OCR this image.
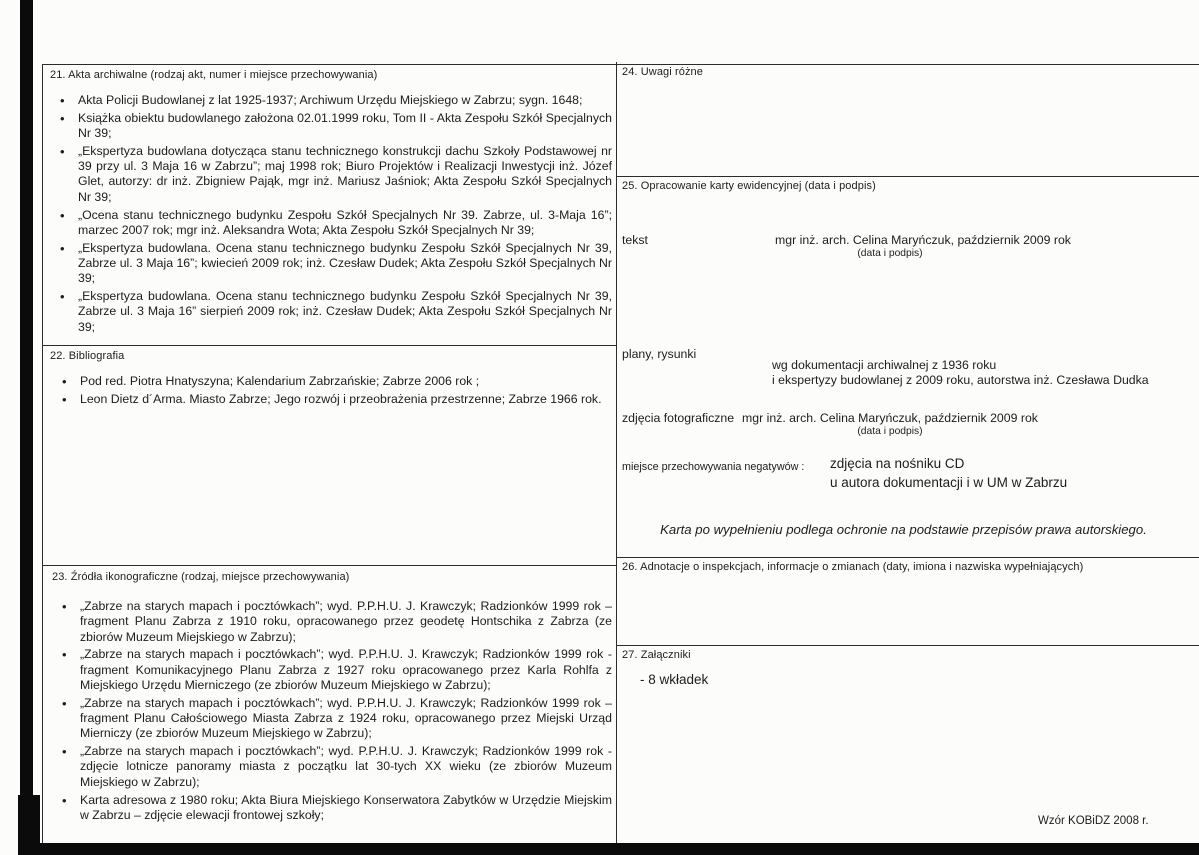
21. Akta archiwalne (rodzaj akt, numer i miejsce przechowywania)
• Akta Policji Budowlanej z lat 1925-1937; Archiwum Urzędu Miejskiego w Zabrzu; sygn. 1648;
• Książka obiektu budowlanego założona 02.01.1999 roku, Tom II - Akta Zespołu Szkół Specjalnych Nr 39;
• „Ekspertyza budowlana dotycząca stanu technicznego konstrukcji dachu Szkoły Podstawowej nr 39 przy ul. 3 Maja 16 w Zabrzu”; maj 1998 rok; Biuro Projektów i Realizacji Inwestycji inż. Józef Glet, autorzy: dr inż. Zbigniew Pająk, mgr inż. Mariusz Jaśniok; Akta Zespołu Szkół Specjalnych Nr 39;
• „Ocena stanu technicznego budynku Zespołu Szkół Specjalnych Nr 39. Zabrze, ul. 3-Maja 16”; marzec 2007 rok; mgr inż. Aleksandra Wota; Akta Zespołu Szkół Specjalnych Nr 39;
• „Ekspertyza budowlana. Ocena stanu technicznego budynku Zespołu Szkół Specjalnych Nr 39, Zabrze ul. 3 Maja 16”; kwiecień 2009 rok; inż. Czesław Dudek; Akta Zespołu Szkół Specjalnych Nr 39;
• „Ekspertyza budowlana. Ocena stanu technicznego budynku Zespołu Szkół Specjalnych Nr 39, Zabrze ul. 3 Maja 16” sierpień 2009 rok; inż. Czesław Dudek; Akta Zespołu Szkół Specjalnych Nr 39;
22. Bibliografia
• Pod red. Piotra Hnatyszyna; Kalendarium Zabrzańskie; Zabrze 2006 rok ;
• Leon Dietz d´Arma. Miasto Zabrze; Jego rozwój i przeobrażenia przestrzenne; Zabrze 1966 rok.
23. Źródła ikonograficzne (rodzaj, miejsce przechowywania)
• „Zabrze na starych mapach i pocztówkach”; wyd. P.P.H.U. J. Krawczyk; Radzionków 1999 rok – fragment Planu Zabrza z 1910 roku, opracowanego przez geodetę Hontschika z Zabrza (ze zbiorów Muzeum Miejskiego w Zabrzu);
• „Zabrze na starych mapach i pocztówkach”; wyd. P.P.H.U. J. Krawczyk; Radzionków 1999 rok - fragment Komunikacyjnego Planu Zabrza z 1927 roku opracowanego przez Karla Rohlfa z Miejskiego Urzędu Mierniczego (ze zbiorów Muzeum Miejskiego w Zabrzu);
• „Zabrze na starych mapach i pocztówkach”; wyd. P.P.H.U. J. Krawczyk; Radzionków 1999 rok – fragment Planu Całościowego Miasta Zabrza z 1924 roku, opracowanego przez Miejski Urząd Mierniczy (ze zbiorów Muzeum Miejskiego w Zabrzu);
• „Zabrze na starych mapach i pocztówkach”; wyd. P.P.H.U. J. Krawczyk; Radzionków 1999 rok - zdjęcie lotnicze panoramy miasta z początku lat 30-tych XX wieku (ze zbiorów Muzeum Miejskiego w Zabrzu);
• Karta adresowa z 1980 roku; Akta Biura Miejskiego Konserwatora Zabytków w Urzędzie Miejskim w Zabrzu – zdjęcie elewacji frontowej szkoły;
24. Uwagi różne
25. Opracowanie karty ewidencyjnej (data i podpis)
tekst	mgr inż. arch. Celina Maryńczuk, październik 2009 rok
(data i podpis)
plany, rysunki
wg dokumentacji archiwalnej z 1936 roku
i ekspertyzy budowlanej z 2009 roku, autorstwa inż. Czesława Dudka
zdjęcia fotograficzne mgr inż. arch. Celina Maryńczuk, październik 2009 rok
(data i podpis)
miejsce przechowywania negatywów : zdjęcia na nośniku CD
u autora dokumentacji i w UM w Zabrzu
Karta po wypełnieniu podlega ochronie na podstawie przepisów prawa autorskiego.
26. Adnotacje o inspekcjach, informacje o zmianach (daty, imiona i nazwiska wypełniających)
27. Załączniki
- 8 wkładek
Wzór KOBiDZ 2008 r.
